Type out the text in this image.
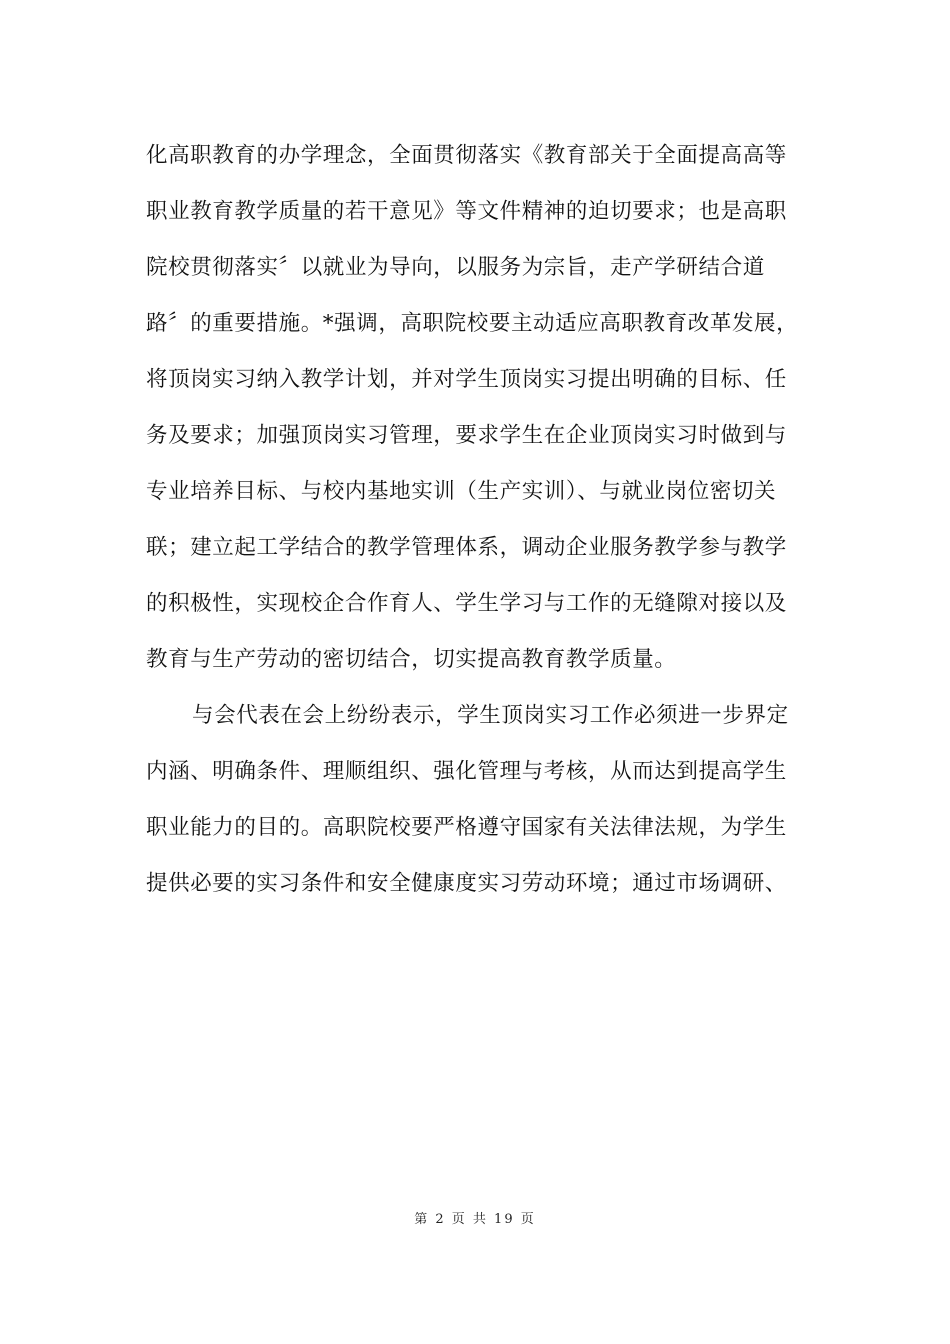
化高职教育的办学理念，全面贯彻落实《教育部关于全面提高高等
职业教育教学质量的若干意见》等文件精神的迫切要求；也是高职
院校贯彻落实〞以就业为导向，以服务为宗旨，走产学研结合道
路〞的重要措施。*强调，高职院校要主动适应高职教育改革发展，
将顶岗实习纳入教学计划，并对学生顶岗实习提出明确的目标、任
务及要求；加强顶岗实习管理，要求学生在企业顶岗实习时做到与
专业培养目标、与校内基地实训（生产实训）、与就业岗位密切关
联；建立起工学结合的教学管理体系，调动企业服务教学参与教学
的积极性，实现校企合作育人、学生学习与工作的无缝隙对接以及
教育与生产劳动的密切结合，切实提高教育教学质量。
与会代表在会上纷纷表示，学生顶岗实习工作必须进一步界定
内涵、明确条件、理顺组织、强化管理与考核，从而达到提高学生
职业能力的目的。高职院校要严格遵守国家有关法律法规，为学生
提供必要的实习条件和安全健康度实习劳动环境；通过市场调研、
第 2 页 共 19 页
